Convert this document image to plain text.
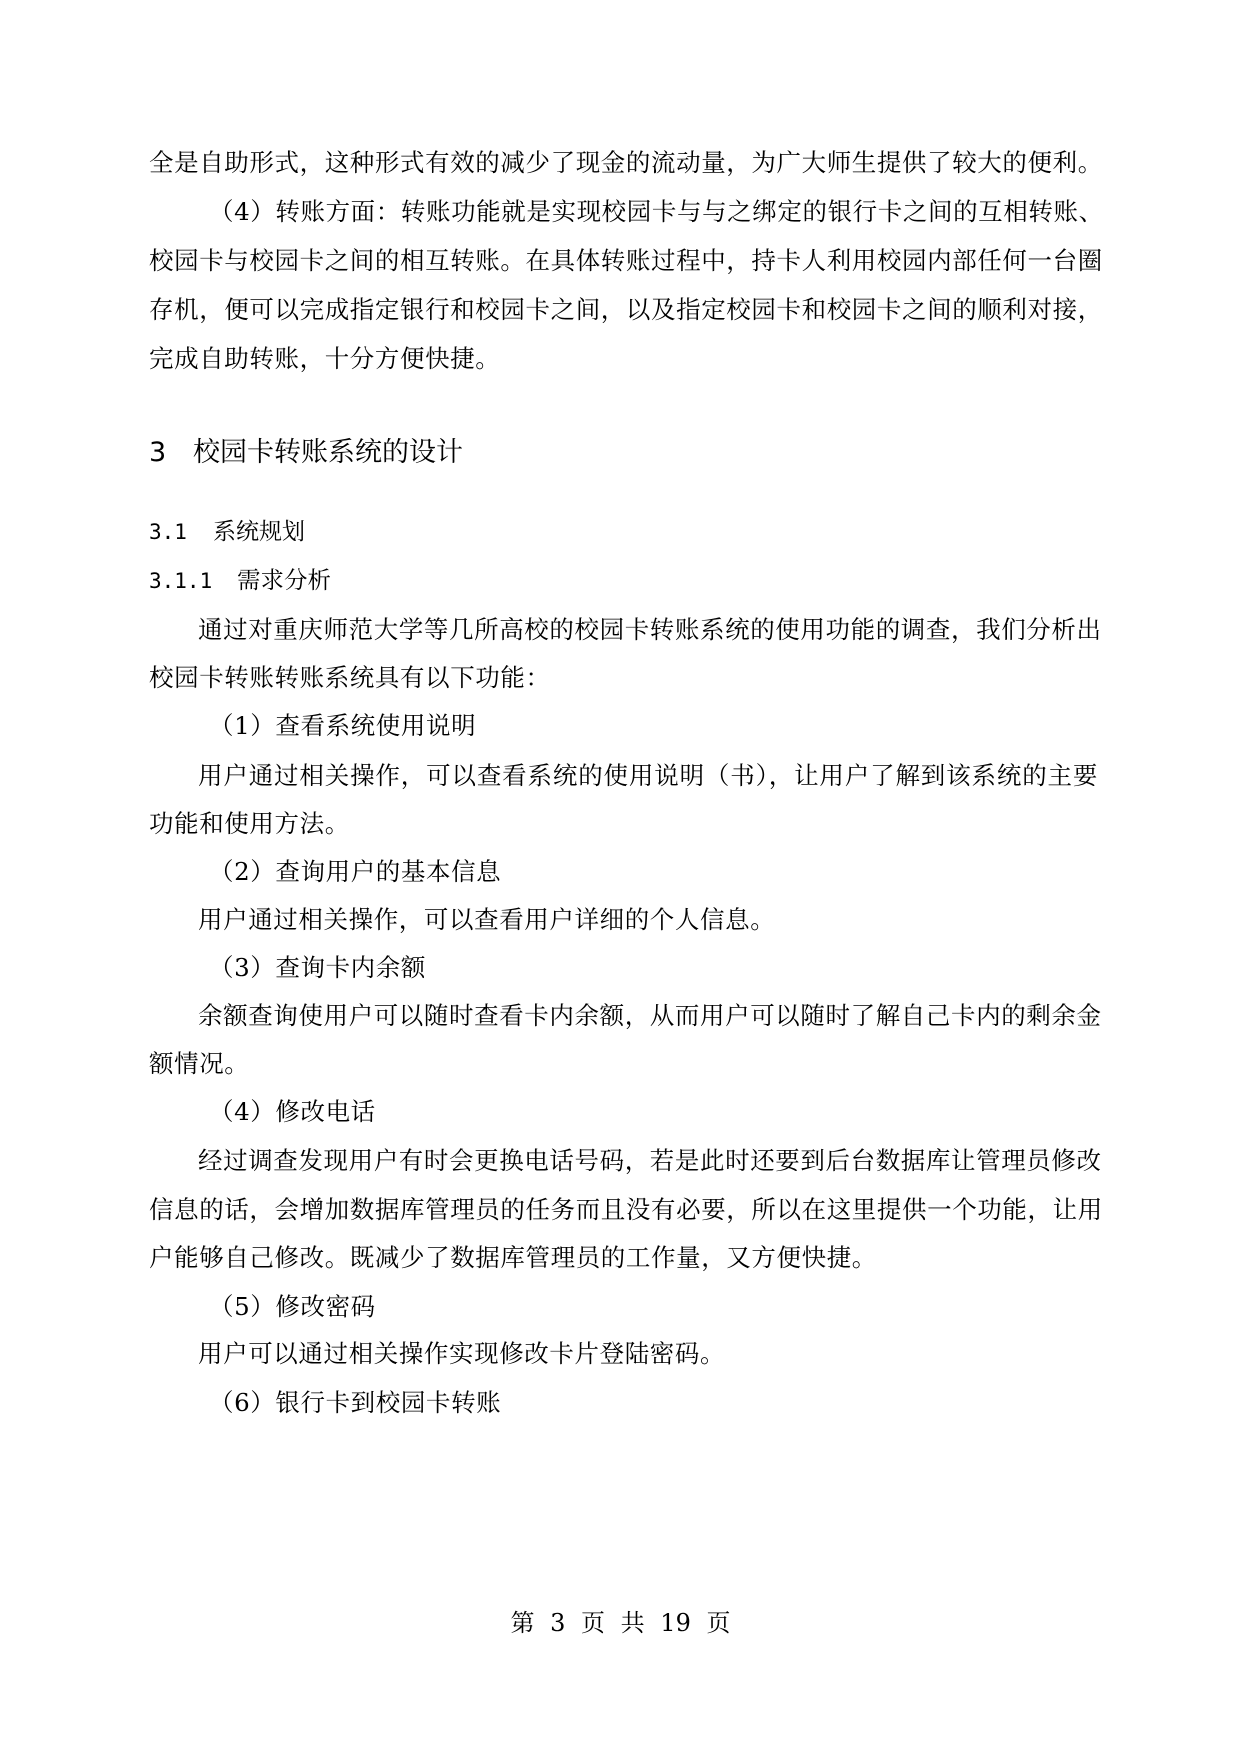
全是自助形式，这种形式有效的减少了现金的流动量，为广大师生提供了较大的便利。
（4）转账方面：转账功能就是实现校园卡与与之绑定的银行卡之间的互相转账、
校园卡与校园卡之间的相互转账。在具体转账过程中，持卡人利用校园内部任何一台圈
存机，便可以完成指定银行和校园卡之间，以及指定校园卡和校园卡之间的顺利对接，
完成自助转账，十分方便快捷。
3 校园卡转账系统的设计
3.1 系统规划
3.1.1 需求分析
通过对重庆师范大学等几所高校的校园卡转账系统的使用功能的调查，我们分析出
校园卡转账转账系统具有以下功能：
（1）查看系统使用说明
用户通过相关操作，可以查看系统的使用说明（书），让用户了解到该系统的主要
功能和使用方法。
（2）查询用户的基本信息
用户通过相关操作，可以查看用户详细的个人信息。
（3）查询卡内余额
余额查询使用户可以随时查看卡内余额，从而用户可以随时了解自己卡内的剩余金
额情况。
（4）修改电话
经过调查发现用户有时会更换电话号码，若是此时还要到后台数据库让管理员修改
信息的话，会增加数据库管理员的任务而且没有必要，所以在这里提供一个功能，让用
户能够自己修改。既减少了数据库管理员的工作量，又方便快捷。
（5）修改密码
用户可以通过相关操作实现修改卡片登陆密码。
（6）银行卡到校园卡转账
第 3 页 共 19 页
